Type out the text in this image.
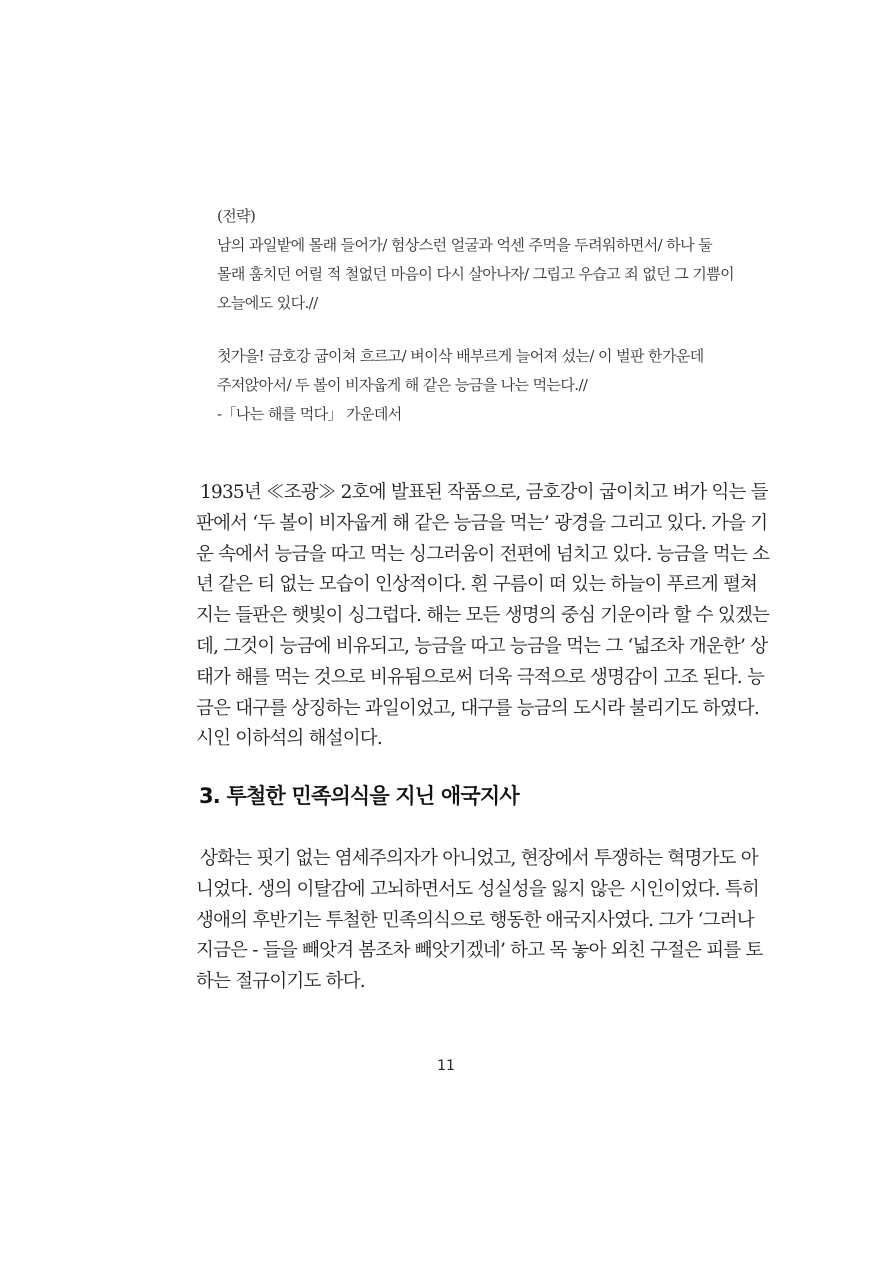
(전략)
남의 과일밭에 몰래 들어가/ 험상스런 얼굴과 억센 주먹을 두려워하면서/ 하나 둘
몰래 훔치던 어릴 적 철없던 마음이 다시 살아나자/ 그립고 우습고 죄 없던 그 기쁨이
오늘에도 있다.//
첫가을! 금호강 굽이쳐 흐르고/ 벼이삭 배부르게 늘어져 섰는/ 이 벌판 한가운데
주저앉아서/ 두 볼이 비자웁게 해 같은 능금을 나는 먹는다.//
-「나는 해를 먹다」 가운데서
1935년 ≪조광≫ 2호에 발표된 작품으로, 금호강이 굽이치고 벼가 익는 들
판에서 ‘두 볼이 비자웁게 해 같은 능금을 먹는’ 광경을 그리고 있다. 가을 기
운 속에서 능금을 따고 먹는 싱그러움이 전편에 넘치고 있다. 능금을 먹는 소
년 같은 티 없는 모습이 인상적이다. 흰 구름이 떠 있는 하늘이 푸르게 펼쳐
지는 들판은 햇빛이 싱그럽다. 해는 모든 생명의 중심 기운이라 할 수 있겠는
데, 그것이 능금에 비유되고, 능금을 따고 능금을 먹는 그 ‘넓조차 개운한’ 상
태가 해를 먹는 것으로 비유됨으로써 더욱 극적으로 생명감이 고조 된다. 능
금은 대구를 상징하는 과일이었고, 대구를 능금의 도시라 불리기도 하였다.
시인 이하석의 해설이다.
3. 투철한 민족의식을 지닌 애국지사
상화는 핏기 없는 염세주의자가 아니었고, 현장에서 투쟁하는 혁명가도 아
니었다. 생의 이탈감에 고뇌하면서도 성실성을 잃지 않은 시인이었다. 특히
생애의 후반기는 투철한 민족의식으로 행동한 애국지사였다. 그가 ‘그러나
지금은 - 들을 빼앗겨 봄조차 빼앗기겠네’ 하고 목 놓아 외친 구절은 피를 토
하는 절규이기도 하다.
11
